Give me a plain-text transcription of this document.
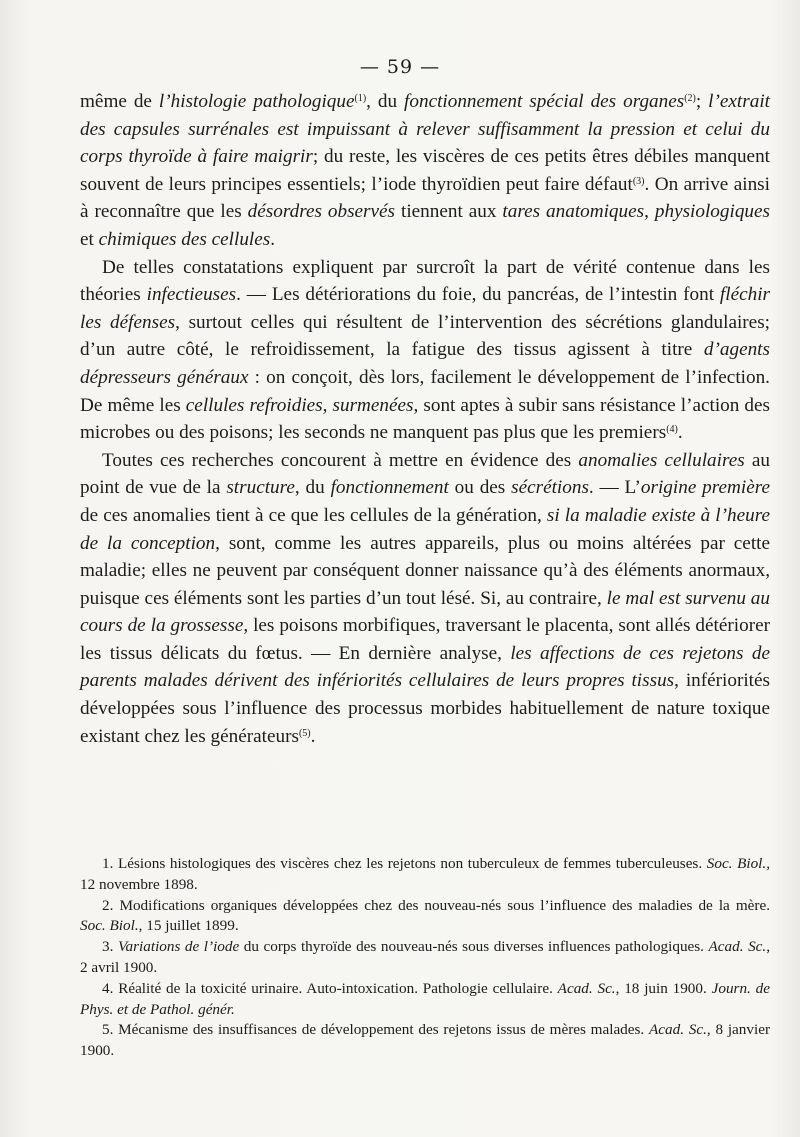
— 59 —

même de l’histologie pathologique$^{(1)}$, du fonctionnement spécial des organes$^{(2)}$; l’extrait des capsules surrénales est impuissant à relever suffisamment la pression et celui du corps thyroïde à faire maigrir; du reste, les viscères de ces petits êtres débiles manquent souvent de leurs principes essentiels; l’iode thyroïdien peut faire défaut$^{(3)}$. On arrive ainsi à reconnaître que les désordres observés tiennent aux tares anatomiques, physiologiques et chimiques des cellules.

De telles constatations expliquent par surcroît la part de vérité contenue dans les théories infectieuses. — Les détériorations du foie, du pancréas, de l’intestin font fléchir les défenses, surtout celles qui résultent de l’intervention des sécrétions glandulaires; d’un autre côté, le refroidissement, la fatigue des tissus agissent à titre d’agents dépresseurs généraux : on conçoit, dès lors, facilement le développement de l’infection. De même les cellules refroidies, surmenées, sont aptes à subir sans résistance l’action des microbes ou des poisons; les seconds ne manquent pas plus que les premiers$^{(4)}$.

Toutes ces recherches concourent à mettre en évidence des anomalies cellulaires au point de vue de la structure, du fonctionnement ou des sécrétions. — L’origine première de ces anomalies tient à ce que les cellules de la génération, si la maladie existe à l’heure de la conception, sont, comme les autres appareils, plus ou moins altérées par cette maladie; elles ne peuvent par conséquent donner naissance qu’à des éléments anormaux, puisque ces éléments sont les parties d’un tout lésé. Si, au contraire, le mal est survenu au cours de la grossesse, les poisons morbifiques, traversant le placenta, sont allés détériorer les tissus délicats du fœtus. — En dernière analyse, les affections de ces rejetons de parents malades dérivent des infériorités cellulaires de leurs propres tissus, infériorités développées sous l’influence des processus morbides habituellement de nature toxique existant chez les générateurs$^{(5)}$.

1. Lésions histologiques des viscères chez les rejetons non tuberculeux de femmes tuberculeuses. Soc. Biol., 12 novembre 1898.

2. Modifications organiques développées chez des nouveau-nés sous l’influence des maladies de la mère. Soc. Biol., 15 juillet 1899.

3. Variations de l’iode du corps thyroïde des nouveau-nés sous diverses influences pathologiques. Acad. Sc., 2 avril 1900.

4. Réalité de la toxicité urinaire. Auto-intoxication. Pathologie cellulaire. Acad. Sc., 18 juin 1900. Journ. de Phys. et de Pathol. génér.

5. Mécanisme des insuffisances de développement des rejetons issus de mères malades. Acad. Sc., 8 janvier 1900.
